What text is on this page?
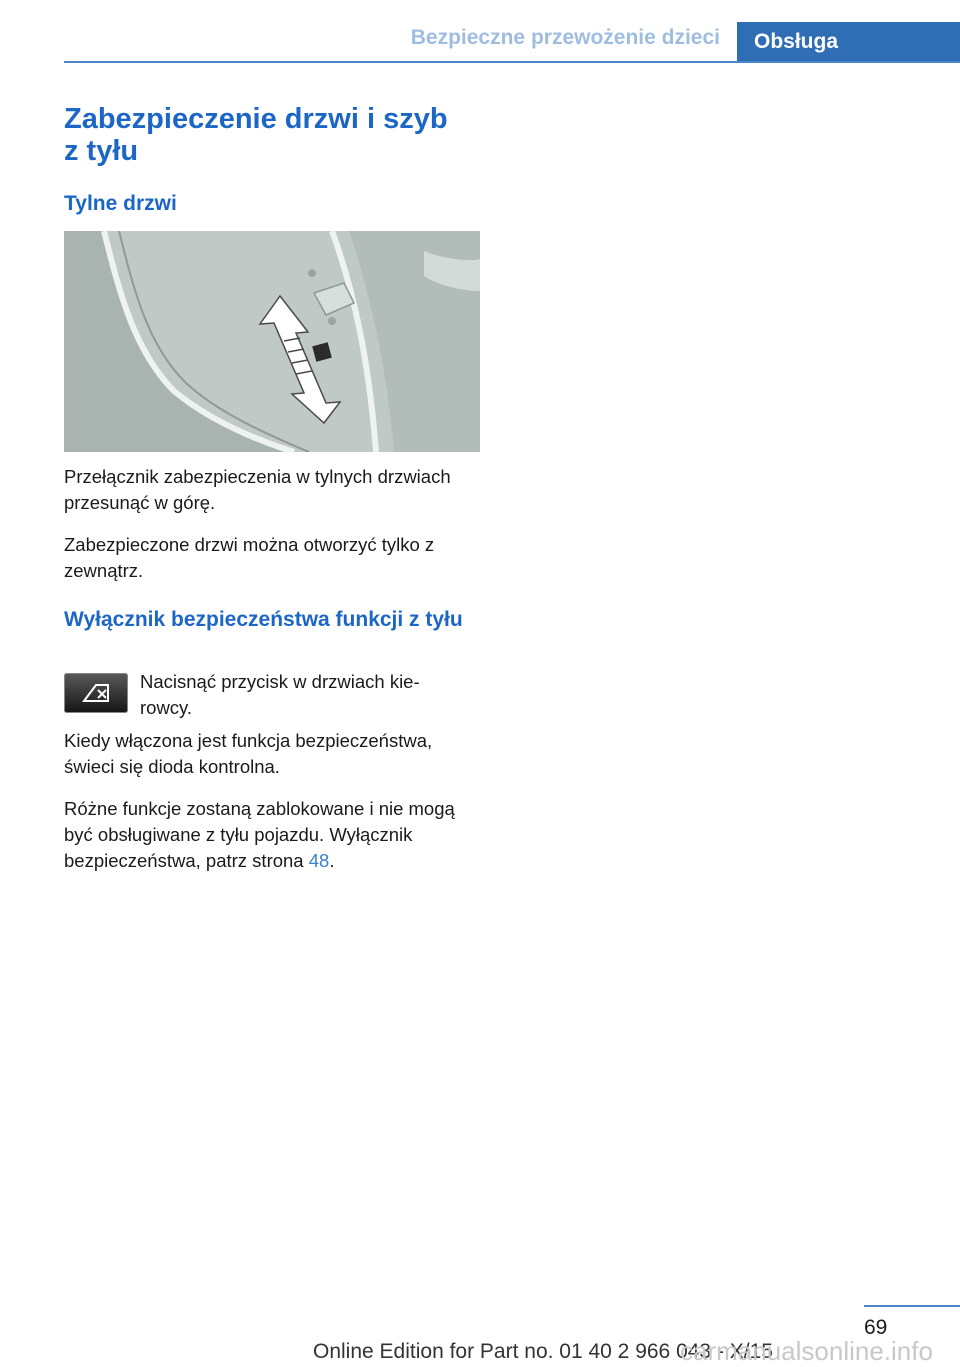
Bezpieczne przewożenie dzieci	Obsługa
Zabezpieczenie drzwi i szyb
z tyłu
Tylne drzwi

Przełącznik zabezpieczenia w tylnych drzwiach przesunąć w górę.

Zabezpieczone drzwi można otworzyć tylko z zewnątrz.

Wyłącznik bezpieczeństwa funkcji z tyłu

Nacisnąć przycisk w drzwiach kie- rowcy.

Kiedy włączona jest funkcja bezpieczeństwa, świeci się dioda kontrolna.

Różne funkcje zostaną zablokowane i nie mogą być obsługiwane z tyłu pojazdu. Wyłącznik bezpieczeństwa, patrz strona 48.

69
Online Edition for Part no. 01 40 2 966 043 - X/15
carmanualsonline.info
